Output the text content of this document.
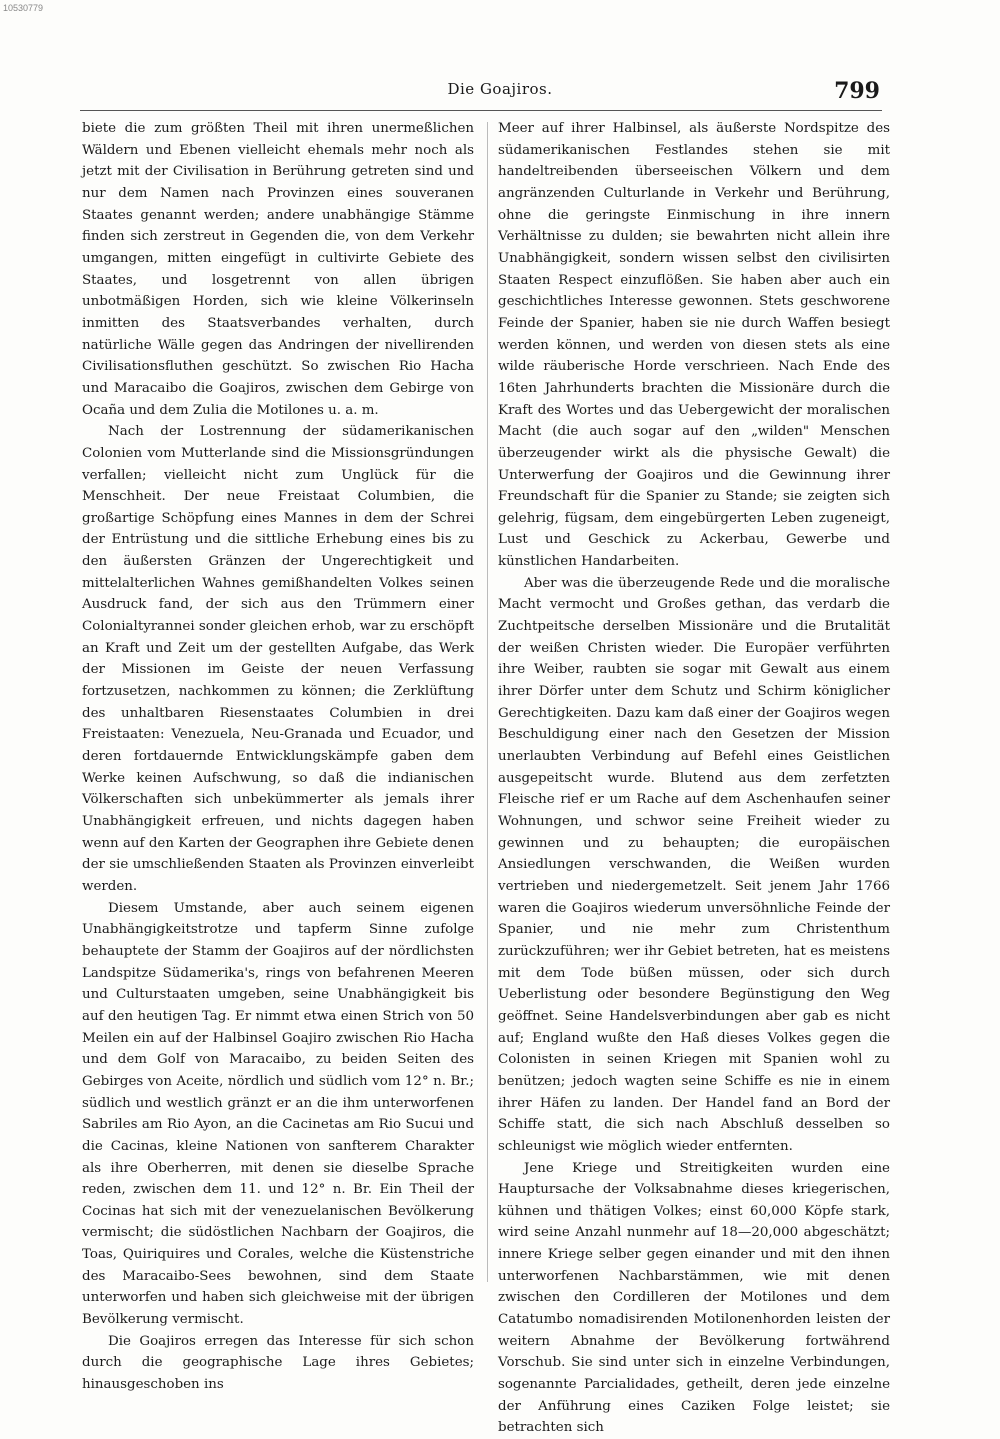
10530779
Die Goajiros.	799

biete die zum größten Theil mit ihren unermeßlichen Wäldern und Ebenen vielleicht ehemals mehr noch als jetzt mit der Civilisation in Berührung getreten sind und nur dem Namen nach Provinzen eines souveranen Staates genannt werden; andere unabhängige Stämme finden sich zerstreut in Gegenden die, von dem Verkehr umgangen, mitten eingefügt in cultivirte Gebiete des Staates, und losgetrennt von allen übrigen unbotmäßigen Horden, sich wie kleine Völkerinseln inmitten des Staatsverbandes verhalten, durch natürliche Wälle gegen das Andringen der nivellirenden Civilisationsfluthen geschützt. So zwischen Rio Hacha und Maracaibo die Goajiros, zwischen dem Gebirge von Ocaña und dem Zulia die Motilones u. a. m.

Nach der Lostrennung der südamerikanischen Colonien vom Mutterlande sind die Missionsgründungen verfallen; vielleicht nicht zum Unglück für die Menschheit. Der neue Freistaat Columbien, die großartige Schöpfung eines Mannes in dem der Schrei der Entrüstung und die sittliche Erhebung eines bis zu den äußersten Gränzen der Ungerechtigkeit und mittelalterlichen Wahnes gemißhandelten Volkes seinen Ausdruck fand, der sich aus den Trümmern einer Colonialtyrannei sonder gleichen erhob, war zu erschöpft an Kraft und Zeit um der gestellten Aufgabe, das Werk der Missionen im Geiste der neuen Verfassung fortzusetzen, nachkommen zu können; die Zerklüftung des unhaltbaren Riesenstaates Columbien in drei Freistaaten: Venezuela, Neu-Granada und Ecuador, und deren fortdauernde Entwicklungskämpfe gaben dem Werke keinen Aufschwung, so daß die indianischen Völkerschaften sich unbekümmerter als jemals ihrer Unabhängigkeit erfreuen, und nichts dagegen haben wenn auf den Karten der Geographen ihre Gebiete denen der sie umschließenden Staaten als Provinzen einverleibt werden.

Diesem Umstande, aber auch seinem eigenen Unabhängigkeitstrotze und tapferm Sinne zufolge behauptete der Stamm der Goajiros auf der nördlichsten Landspitze Südamerika's, rings von befahrenen Meeren und Culturstaaten umgeben, seine Unabhängigkeit bis auf den heutigen Tag. Er nimmt etwa einen Strich von 50 Meilen ein auf der Halbinsel Goajiro zwischen Rio Hacha und dem Golf von Maracaibo, zu beiden Seiten des Gebirges von Aceite, nördlich und südlich vom 12° n. Br.; südlich und westlich gränzt er an die ihm unterworfenen Sabriles am Rio Ayon, an die Cacinetas am Rio Sucui und die Cacinas, kleine Nationen von sanfterem Charakter als ihre Oberherren, mit denen sie dieselbe Sprache reden, zwischen dem 11. und 12° n. Br. Ein Theil der Cocinas hat sich mit der venezuelanischen Bevölkerung vermischt; die südöstlichen Nachbarn der Goajiros, die Toas, Quiriquires und Corales, welche die Küstenstriche des Maracaibo-Sees bewohnen, sind dem Staate unterworfen und haben sich gleichweise mit der übrigen Bevölkerung vermischt.

Die Goajiros erregen das Interesse für sich schon durch die geographische Lage ihres Gebietes; hinausgeschoben ins

Meer auf ihrer Halbinsel, als äußerste Nordspitze des südamerikanischen Festlandes stehen sie mit handeltreibenden überseeischen Völkern und dem angränzenden Culturlande in Verkehr und Berührung, ohne die geringste Einmischung in ihre innern Verhältnisse zu dulden; sie bewahrten nicht allein ihre Unabhängigkeit, sondern wissen selbst den civilisirten Staaten Respect einzuflößen. Sie haben aber auch ein geschichtliches Interesse gewonnen. Stets geschworene Feinde der Spanier, haben sie nie durch Waffen besiegt werden können, und werden von diesen stets als eine wilde räuberische Horde verschrieen. Nach Ende des 16ten Jahrhunderts brachten die Missionäre durch die Kraft des Wortes und das Uebergewicht der moralischen Macht (die auch sogar auf den „wilden" Menschen überzeugender wirkt als die physische Gewalt) die Unterwerfung der Goajiros und die Gewinnung ihrer Freundschaft für die Spanier zu Stande; sie zeigten sich gelehrig, fügsam, dem eingebürgerten Leben zugeneigt, Lust und Geschick zu Ackerbau, Gewerbe und künstlichen Handarbeiten.

Aber was die überzeugende Rede und die moralische Macht vermocht und Großes gethan, das verdarb die Zuchtpeitsche derselben Missionäre und die Brutalität der weißen Christen wieder. Die Europäer verführten ihre Weiber, raubten sie sogar mit Gewalt aus einem ihrer Dörfer unter dem Schutz und Schirm königlicher Gerechtigkeiten. Dazu kam daß einer der Goajiros wegen Beschuldigung einer nach den Gesetzen der Mission unerlaubten Verbindung auf Befehl eines Geistlichen ausgepeitscht wurde. Blutend aus dem zerfetzten Fleische rief er um Rache auf dem Aschenhaufen seiner Wohnungen, und schwor seine Freiheit wieder zu gewinnen und zu behaupten; die europäischen Ansiedlungen verschwanden, die Weißen wurden vertrieben und niedergemetzelt. Seit jenem Jahr 1766 waren die Goajiros wiederum unversöhnliche Feinde der Spanier, und nie mehr zum Christenthum zurückzuführen; wer ihr Gebiet betreten, hat es meistens mit dem Tode büßen müssen, oder sich durch Ueberlistung oder besondere Begünstigung den Weg geöffnet. Seine Handelsverbindungen aber gab es nicht auf; England wußte den Haß dieses Volkes gegen die Colonisten in seinen Kriegen mit Spanien wohl zu benützen; jedoch wagten seine Schiffe es nie in einem ihrer Häfen zu landen. Der Handel fand an Bord der Schiffe statt, die sich nach Abschluß desselben so schleunigst wie möglich wieder entfernten.

Jene Kriege und Streitigkeiten wurden eine Hauptursache der Volksabnahme dieses kriegerischen, kühnen und thätigen Volkes; einst 60,000 Köpfe stark, wird seine Anzahl nunmehr auf 18—20,000 abgeschätzt; innere Kriege selber gegen einander und mit den ihnen unterworfenen Nachbarstämmen, wie mit denen zwischen den Cordilleren der Motilones und dem Catatumbo nomadisirenden Motilonenhorden leisten der weitern Abnahme der Bevölkerung fortwährend Vorschub. Sie sind unter sich in einzelne Verbindungen, sogenannte Parcialidades, getheilt, deren jede einzelne der Anführung eines Caziken Folge leistet; sie betrachten sich
